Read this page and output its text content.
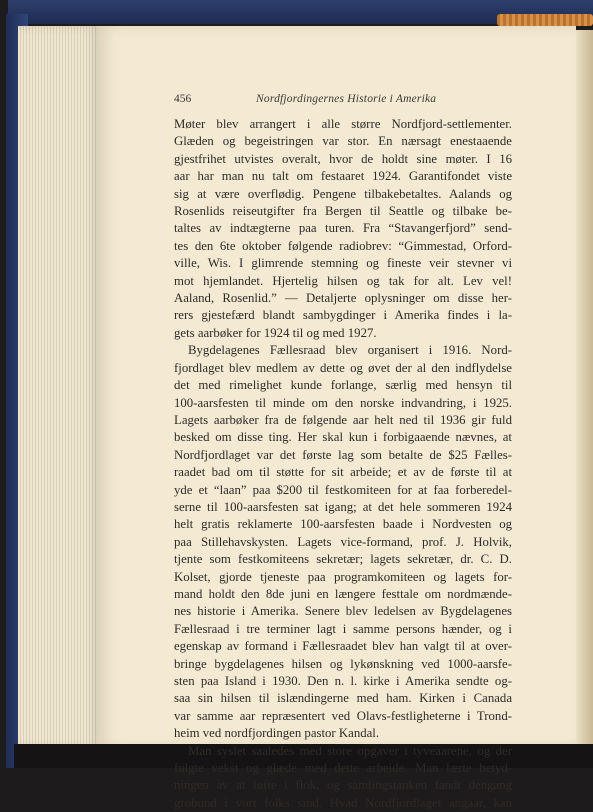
456	Nordfjordingernes Historie i Amerika
Møter blev arrangert i alle større Nordfjord-settlementer.
Glæden og begeistringen var stor. En nærsagt enestaaende
gjestfrihet utvistes overalt, hvor de holdt sine møter. I 16
aar har man nu talt om festaaret 1924. Garantifondet viste
sig at være overflødig. Pengene tilbakebetaltes. Aalands og
Rosenlids reiseutgifter fra Bergen til Seattle og tilbake be-
taltes av indtægterne paa turen. Fra “Stavangerfjord” send-
tes den 6te oktober følgende radiobrev: “Gimmestad, Orford-
ville, Wis. I glimrende stemning og fineste veir stevner vi
mot hjemlandet. Hjertelig hilsen og tak for alt. Lev vel!
Aaland, Rosenlid.” — Detaljerte oplysninger om disse her-
rers gjestefærd blandt sambygdinger i Amerika findes i la-
gets aarbøker for 1924 til og med 1927.
Bygdelagenes Fællesraad blev organisert i 1916. Nord-
fjordlaget blev medlem av dette og øvet der al den indflydelse
det med rimelighet kunde forlange, særlig med hensyn til
100-aarsfesten til minde om den norske indvandring, i 1925.
Lagets aarbøker fra de følgende aar helt ned til 1936 gir fuld
besked om disse ting. Her skal kun i forbigaaende nævnes, at
Nordfjordlaget var det første lag som betalte de $25 Fælles-
raadet bad om til støtte for sit arbeide; et av de første til at
yde et “laan” paa $200 til festkomiteen for at faa forberedel-
serne til 100-aarsfesten sat igang; at det hele sommeren 1924
helt gratis reklamerte 100-aarsfesten baade i Nordvesten og
paa Stillehavskysten. Lagets vice-formand, prof. J. Holvik,
tjente som festkomiteens sekretær; lagets sekretær, dr. C. D.
Kolset, gjorde tjeneste paa programkomiteen og lagets for-
mand holdt den 8de juni en længere festtale om nordmænde-
nes historie i Amerika. Senere blev ledelsen av Bygdelagenes
Fællesraad i tre terminer lagt i samme persons hænder, og i
egenskap av formand i Fællesraadet blev han valgt til at over-
bringe bygdelagenes hilsen og lykønskning ved 1000-aarsfe-
sten paa Island i 1930. Den n. l. kirke i Amerika sendte og-
saa sin hilsen til islændingerne med ham. Kirken i Canada
var samme aar repræsentert ved Olavs-festligheterne i Trond-
heim ved nordfjordingen pastor Kandal.
Man syslet saaledes med store opgaver i tyveaarene, og der
fulgte vekst og glæde med dette arbeide. Man lærte betyd-
ningen av at løfte i flok, og samlingstanken fandt dengang
grobund i vort folks sind. Hvad Nordfjordlaget angaar, kan
